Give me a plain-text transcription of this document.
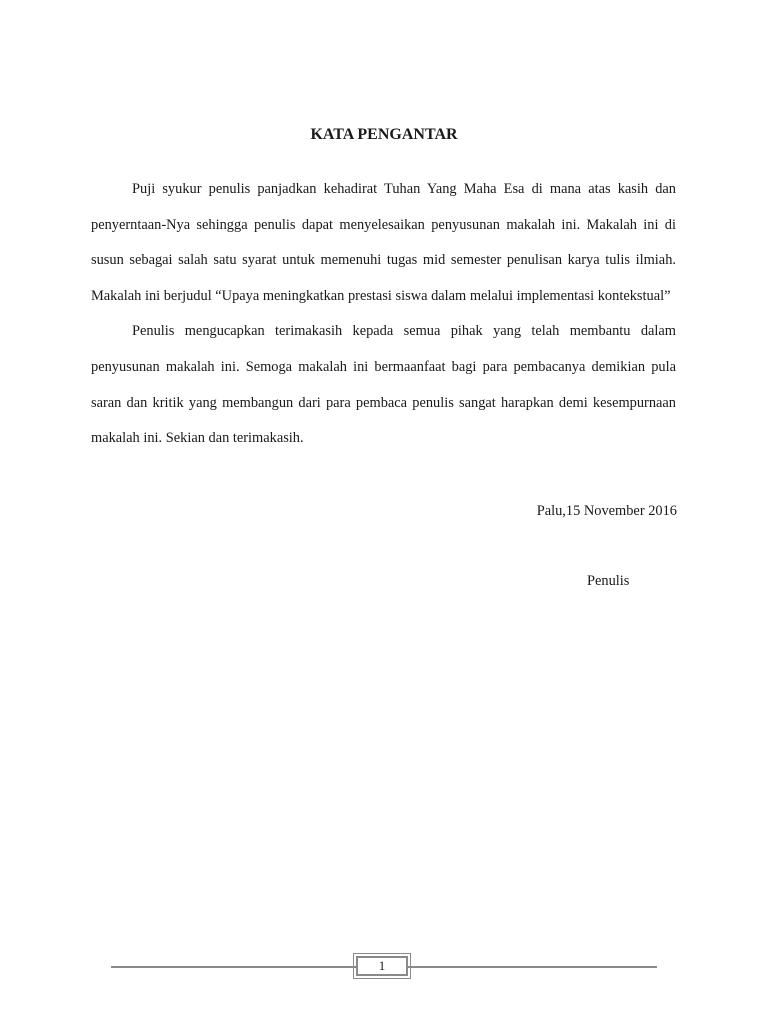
KATA PENGANTAR

Puji syukur penulis panjadkan kehadirat Tuhan Yang Maha Esa di mana atas kasih dan penyerntaan-Nya sehingga penulis dapat menyelesaikan penyusunan makalah ini. Makalah ini di susun sebagai salah satu syarat untuk memenuhi tugas mid semester penulisan karya tulis ilmiah. Makalah ini berjudul “Upaya meningkatkan prestasi siswa dalam melalui implementasi kontekstual”

Penulis mengucapkan terimakasih kepada semua pihak yang telah membantu dalam penyusunan makalah ini. Semoga makalah ini bermaanfaat bagi para pembacanya demikian pula saran dan kritik yang membangun dari para pembaca penulis sangat harapkan demi kesempurnaan makalah ini. Sekian dan terimakasih.

Palu,15 November 2016
Penulis
1
